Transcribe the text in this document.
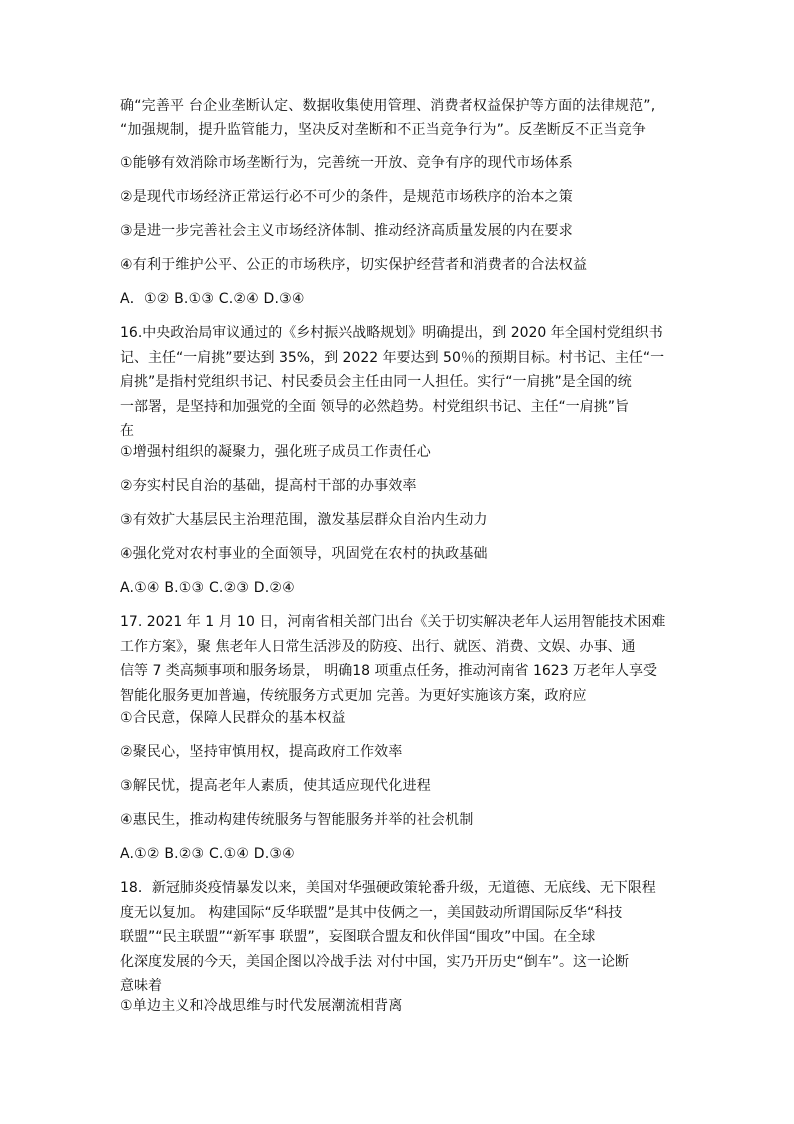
确“完善平 台企业垄断认定、数据收集使用管理、消费者权益保护等方面的法律规范”,
“加强规制，提升监管能力，坚决反对垄断和不正当竞争行为”。反垄断反不正当竞争
①能够有效消除市场垄断行为，完善统一开放、竞争有序的现代市场体系
②是现代市场经济正常运行必不可少的条件，是规范市场秩序的治本之策
③是进一步完善社会主义市场经济体制、推动经济高质量发展的内在要求
④有利于维护公平、公正的市场秩序，切实保护经营者和消费者的合法权益
A．①② B.①③ C.②④ D.③④
16.中央政治局审议通过的《乡村振兴战略规划》明确提出，到 2020 年全国村党组织书
记、主任“一肩挑”要达到 35%，到 2022 年要达到 50％的预期目标。村书记、主任“一
肩挑”是指村党组织书记、村民委员会主任由同一人担任。实行“一肩挑”是全国的统
一部署，是坚持和加强党的全面 领导的必然趋势。村党组织书记、主任“一肩挑”旨
在
①增强村组织的凝聚力，强化班子成员工作责任心
②夯实村民自治的基础，提高村干部的办事效率
③有效扩大基层民主治理范围，激发基层群众自治内生动力
④强化党对农村事业的全面领导，巩固党在农村的执政基础
A.①④ B.①③ C.②③ D.②④
17. 2021 年 1 月 10 日，河南省相关部门出台《关于切实解决老年人运用智能技术困难
工作方案》，聚 焦老年人日常生活涉及的防疫、出行、就医、消费、文娱、办事、通
信等 7 类高频事项和服务场景， 明确18 项重点任务，推动河南省 1623 万老年人享受
智能化服务更加普遍，传统服务方式更加 完善。为更好实施该方案，政府应
①合民意，保障人民群众的基本权益
②聚民心，坚持审慎用权，提高政府工作效率
③解民忧，提高老年人素质，使其适应现代化进程
④惠民生，推动构建传统服务与智能服务并举的社会机制
A.①② B.②③ C.①④ D.③④
18．新冠肺炎疫情暴发以来，美国对华强硬政策轮番升级，无道德、无底线、无下限程
度无以复加。 构建国际“反华联盟”是其中伎俩之一，美国鼓动所谓国际反华“科技
联盟”“民主联盟”“新军事 联盟”，妄图联合盟友和伙伴国“围攻”中国。在全球
化深度发展的今天，美国企图以冷战手法 对付中国，实乃开历史“倒车”。这一论断
意味着
①单边主义和冷战思维与时代发展潮流相背离
